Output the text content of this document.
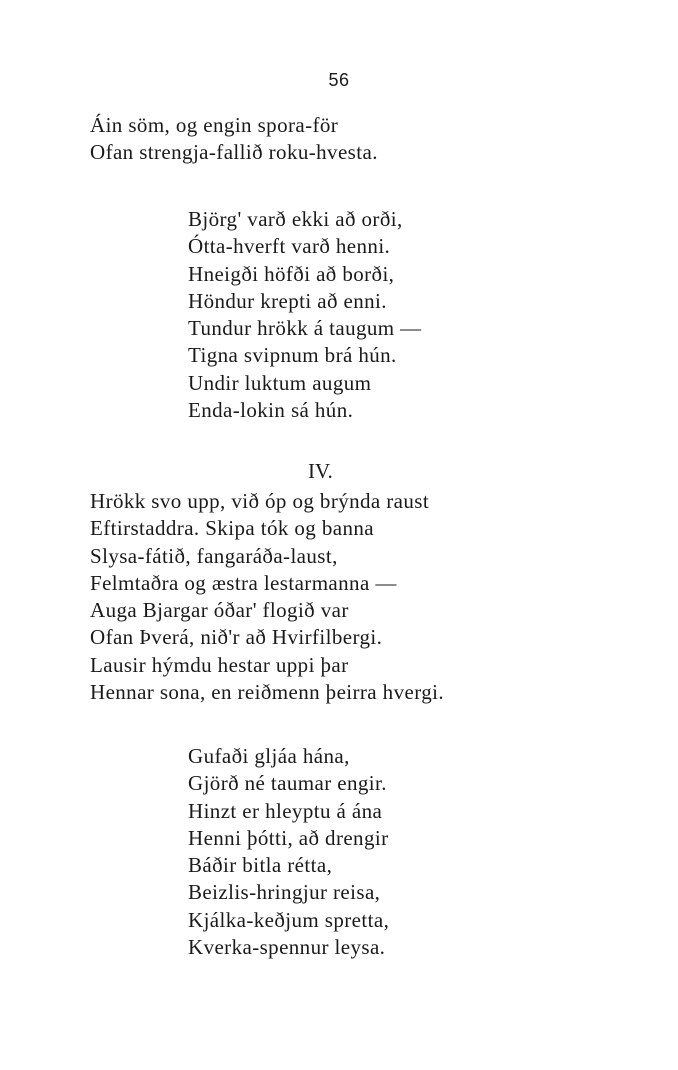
56
Áin söm, og engin spora-för
Ofan strengja-fallið roku-hvesta.
Björg' varð ekki að orði,
Ótta-hverft varð henni.
Hneigði höfði að borði,
Höndur krepti að enni.
Tundur hrökk á taugum —
Tigna svipnum brá hún.
Undir luktum augum
Enda-lokin sá hún.
IV.
Hrökk svo upp, við óp og brýnda raust
Eftirstaddra. Skipa tók og banna
Slysa-fátið, fangaráða-laust,
Felmtaðra og æstra lestarmanna —
Auga Bjargar óðar' flogið var
Ofan Þverá, nið'r að Hvirfilbergi.
Lausir hýmdu hestar uppi þar
Hennar sona, en reiðmenn þeirra hvergi.
Gufaði gljáa hána,
Gjörð né taumar engir.
Hinzt er hleyptu á ána
Henni þótti, að drengir
Báðir bitla rétta,
Beizlis-hringjur reisa,
Kjálka-keðjum spretta,
Kverka-spennur leysa.
